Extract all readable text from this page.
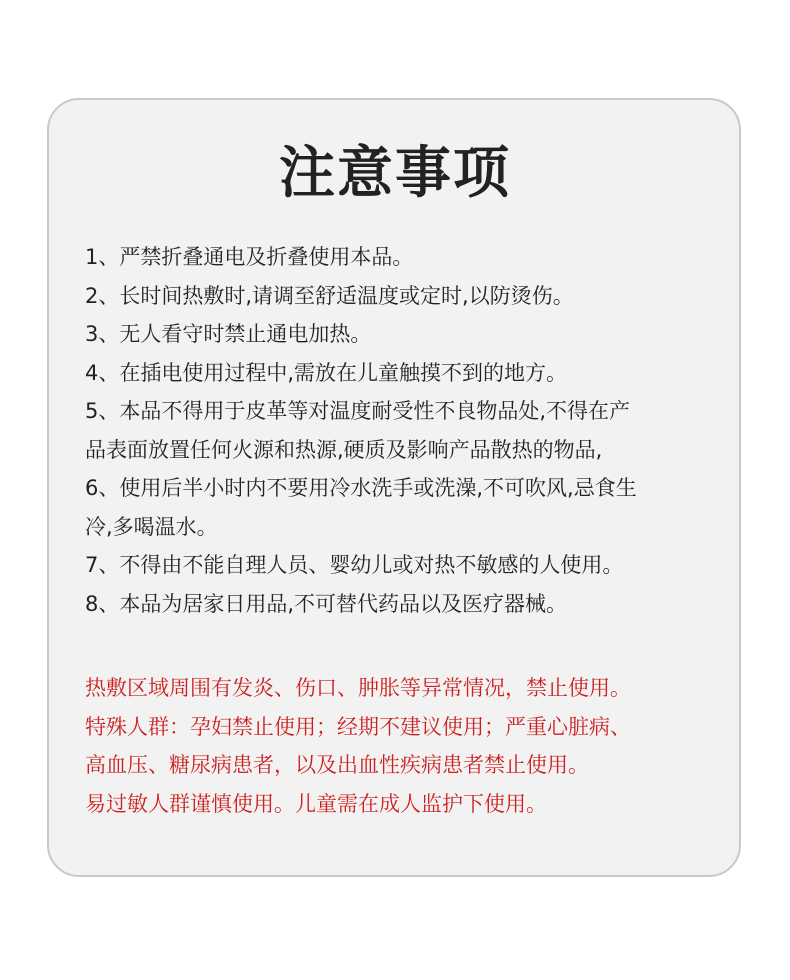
注意事项
1、严禁折叠通电及折叠使用本品。
2、长时间热敷时,请调至舒适温度或定时,以防烫伤。
3、无人看守时禁止通电加热。
4、在插电使用过程中,需放在儿童触摸不到的地方。
5、本品不得用于皮革等对温度耐受性不良物品处,不得在产
品表面放置任何火源和热源,硬质及影响产品散热的物品,
6、使用后半小时内不要用冷水洗手或洗澡,不可吹风,忌食生
冷,多喝温水。
7、不得由不能自理人员、婴幼儿或对热不敏感的人使用。
8、本品为居家日用品,不可替代药品以及医疗器械。

热敷区域周围有发炎、伤口、肿胀等异常情况，禁止使用。

特殊人群：孕妇禁止使用；经期不建议使用；严重心脏病、

高血压、糖尿病患者，以及出血性疾病患者禁止使用。

易过敏人群谨慎使用。儿童需在成人监护下使用。
